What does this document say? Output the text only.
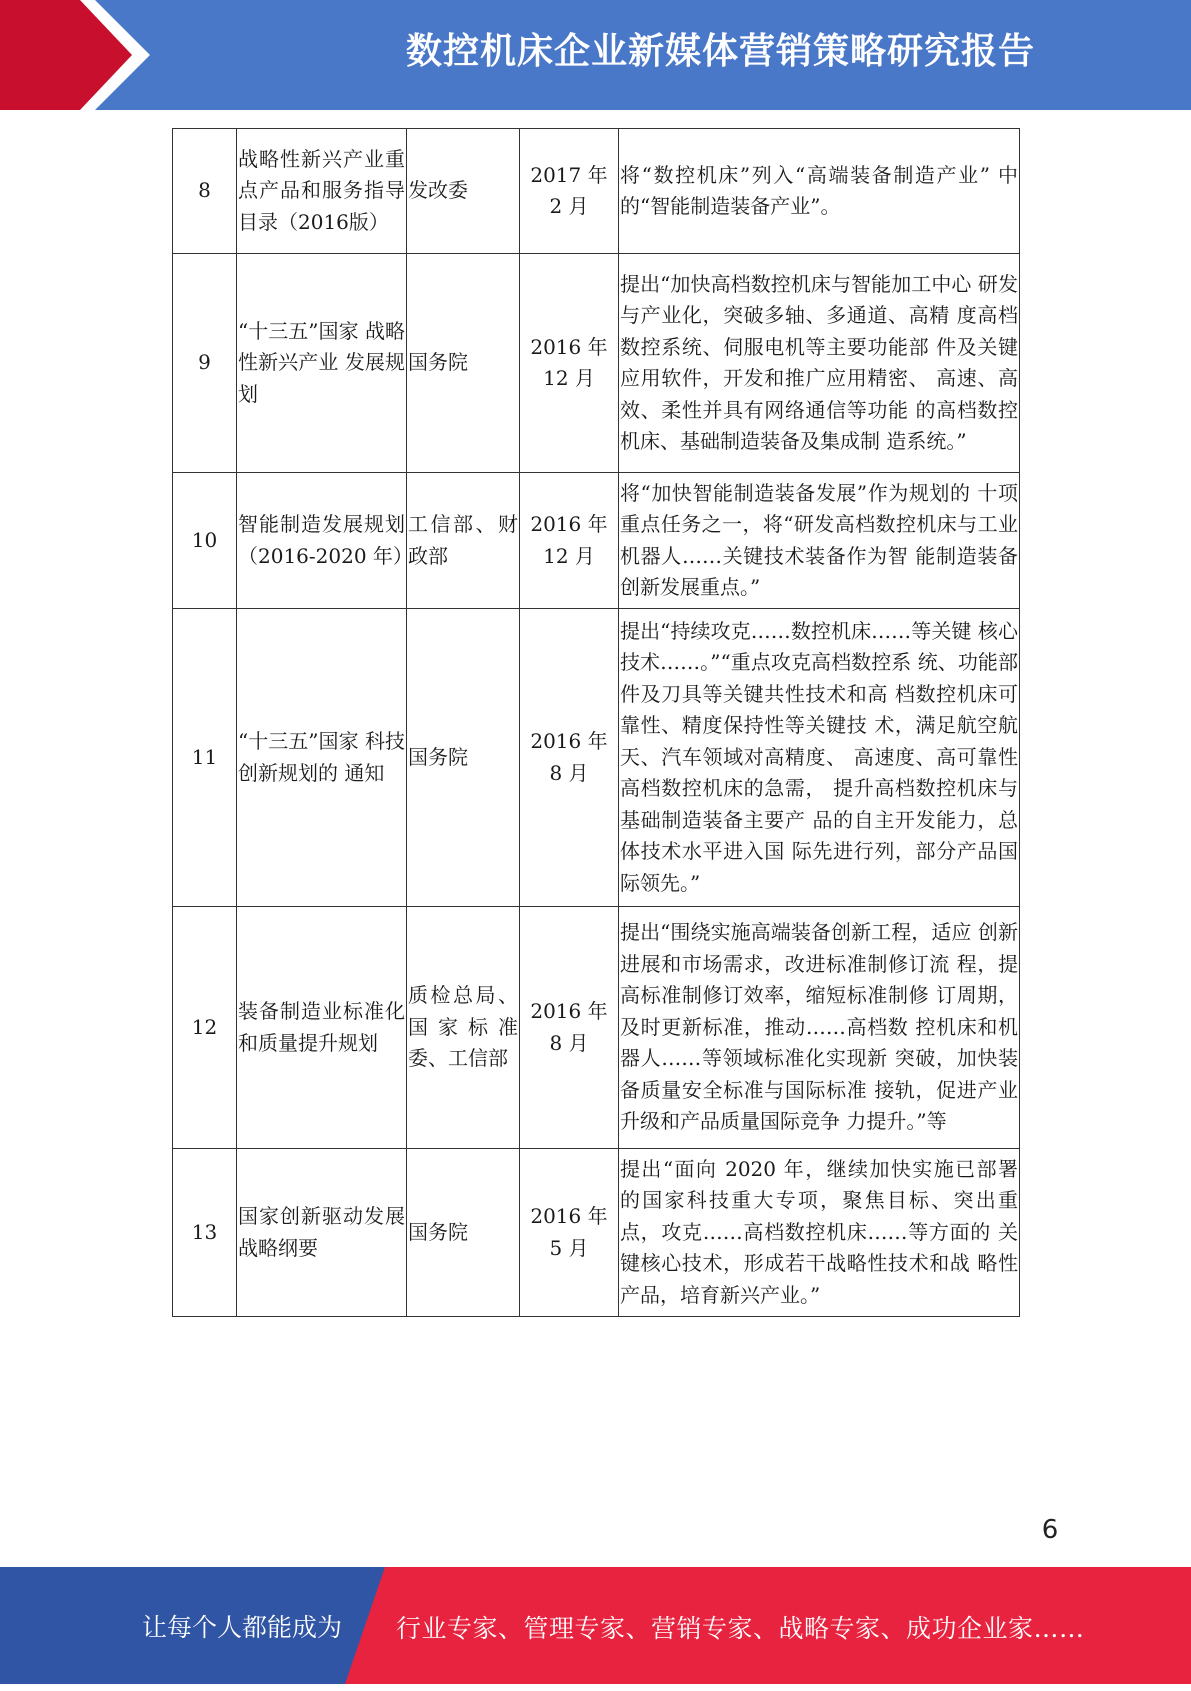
数控机床企业新媒体营销策略研究报告
8	战略性新兴产业重点产品和服务指导目录（2016版）	发改委	2017 年 2 月	将“数控机床”列入“高端装备制造产业” 中的“智能制造装备产业”。
9	“十三五”国家 战略性新兴产业 发展规划	国务院	2016 年 12 月	提出“加快高档数控机床与智能加工中心 研发与产业化，突破多轴、多通道、高精 度高档数控系统、伺服电机等主要功能部 件及关键应用软件，开发和推广应用精密、 高速、高效、柔性并具有网络通信等功能 的高档数控机床、基础制造装备及集成制 造系统。”
10	智能制造发展规划（2016-2020 年）	工信部、财政部	2016 年 12 月	将“加快智能制造装备发展”作为规划的 十项重点任务之一，将“研发高档数控机床与工业机器人……关键技术装备作为智 能制造装备创新发展重点。”
11	“十三五”国家 科技创新规划的 通知	国务院	2016 年 8 月	提出“持续攻克……数控机床……等关键 核心技术……。”“重点攻克高档数控系 统、功能部件及刀具等关键共性技术和高 档数控机床可靠性、精度保持性等关键技 术，满足航空航天、汽车领域对高精度、 高速度、高可靠性高档数控机床的急需， 提升高档数控机床与基础制造装备主要产 品的自主开发能力，总体技术水平进入国 际先进行列，部分产品国际领先。”
12	装备制造业标准化和质量提升规划	质检总局、国家标准委、工信部	2016 年 8 月	提出“围绕实施高端装备创新工程，适应 创新进展和市场需求，改进标准制修订流 程，提高标准制修订效率，缩短标准制修 订周期，及时更新标准，推动……高档数 控机床和机器人……等领域标准化实现新 突破，加快装备质量安全标准与国际标准 接轨，促进产业升级和产品质量国际竞争 力提升。”等
13	国家创新驱动发展战略纲要	国务院	2016 年 5 月	提出“面向 2020 年，继续加快实施已部署 的国家科技重大专项，聚焦目标、突出重 点，攻克……高档数控机床……等方面的 关键核心技术，形成若干战略性技术和战 略性产品，培育新兴产业。”
6
让每个人都能成为 行业专家、管理专家、营销专家、战略专家、成功企业家……
